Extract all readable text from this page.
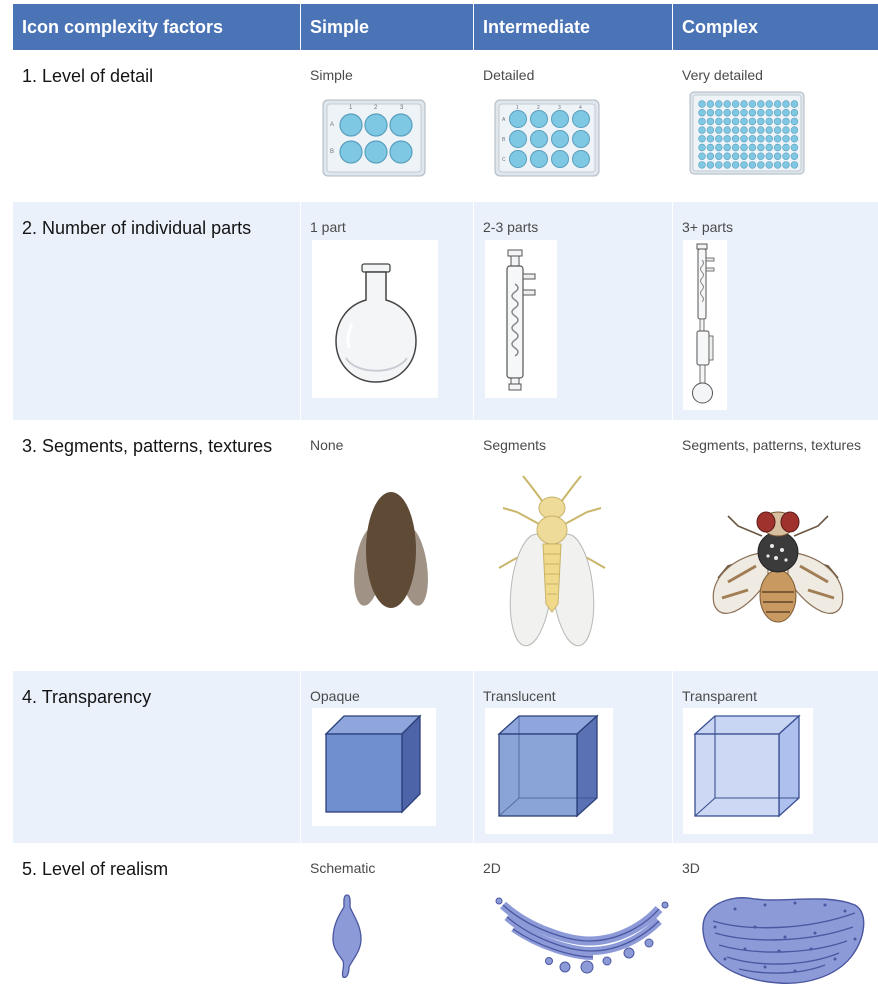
Icon complexity factors	Simple	Intermediate	Complex
1. Level of detail	Simple	Detailed	Very detailed
1	2	3
A
B
1	2	3	4
A
B
C
2. Number of individual parts	1 part	2-3 parts	3+ parts
3. Segments, patterns, textures	None	Segments	Segments, patterns, textures
4. Transparency	Opaque	Translucent	Transparent
5. Level of realism	Schematic	2D	3D
